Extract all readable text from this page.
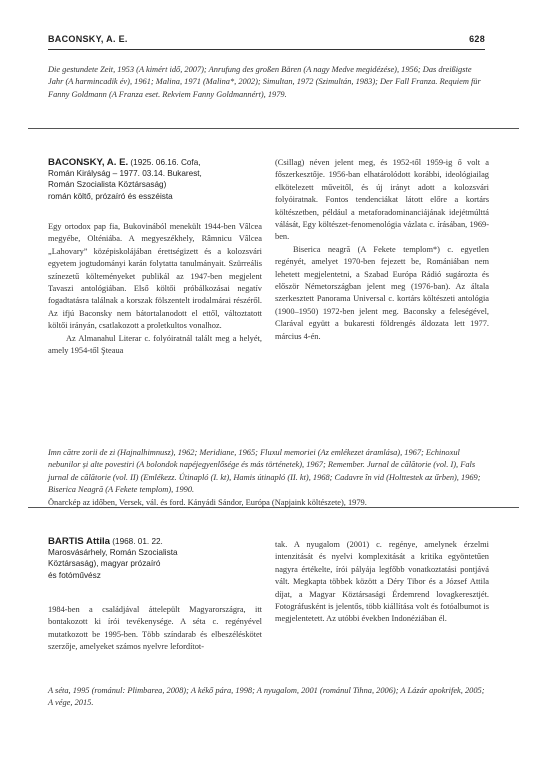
BACONSKY, A. E.	628
Die gestundete Zeit, 1953 (A kimért idő, 2007); Anrufung des großen Bären (A nagy Medve megidézése), 1956; Das dreißigste Jahr (A harmincadik év), 1961; Malina, 1971 (Malina*, 2002); Simultan, 1972 (Szimultán, 1983); Der Fall Franza. Requiem für Fanny Goldmann (A Franza eset. Rekviem Fanny Goldmannért), 1979.
BACONSKY, A. E. (1925. 06.16. Cofa,
Román Királyság – 1977. 03.14. Bukarest,
Román Szocialista Köztársaság)
román költő, prózaíró és esszéista

Egy ortodox pap fia, Bukovinából menekült 1944-ben Vâlcea megyébe, Olténiába. A megyeszékhely, Râmnicu Vâlcea „Lahovary” középiskolájában érettségizett és a kolozsvári egyetem jogtudományi karán folytatta tanulmányait. Szürreális színezetű költeményeket publikál az 1947-ben megjelent Tavaszi antológiában. Első költői próbálkozásai negatív fogadtatásra találnak a korszak fölszentelt irodalmárai részéről. Az ifjú Baconsky nem bátortalanodott el ettől, változtatott költői irányán, csatlakozott a proletkultos vonalhoz.

Az Almanahul Literar c. folyóiratnál talált meg a helyét, amely 1954-től Şteaua

(Csillag) néven jelent meg, és 1952-től 1959-ig ő volt a főszerkesztője. 1956-ban elhatárolódott korábbi, ideológiailag elkötelezett műveitől, és új irányt adott a kolozsvári folyóiratnak. Fontos tendenciákat látott előre a kortárs költészetben, például a metaforadominanciájának idejétmúlttá válását, Egy költészet-fenomenológia vázlata c. írásában, 1969-ben.

Biserica neagră (A Fekete templom*) c. egyetlen regényét, amelyet 1970-ben fejezett be, Romániában nem lehetett megjelentetni, a Szabad Európa Rádió sugározta és először Németországban jelent meg (1976-ban). Az általa szerkesztett Panorama Universal c. kortárs költészeti antológia (1900–1950) 1972-ben jelent meg. Baconsky a feleségével, Clarával együtt a bukaresti földrengés áldozata lett 1977. március 4-én.

Imn către zorii de zi (Hajnalhimnusz), 1962; Meridiane, 1965; Fluxul memoriei (Az emlékezet áramlása), 1967; Echinoxul nebunilor și alte povestiri (A bolondok napéjegyenlősége és más történetek), 1967; Remember. Jurnal de călătorie (vol. I), Fals jurnal de călătorie (vol. II) (Emlékezz. Útinapló (I. kt), Hamis útinapló (II. kt), 1968; Cadavre în vid (Holttestek az űrben), 1969; Biserica Neagră (A Fekete templom), 1990.
Önarckép az időben, Versek, vál. és ford. Kányádi Sándor, Európa (Napjaink költészete), 1979.
BARTIS Attila (1968. 01. 22.
Marosvásárhely, Román Szocialista
Köztársaság), magyar prózaíró
és fotóművész

1984-ben a családjával áttelepült Magyarországra, itt bontakozott ki írói tevékenysége. A séta c. regényével mutatkozott be 1995-ben. Több színdarab és elbeszéléskötet szerzője, amelyeket számos nyelvre lefordítot-

tak. A nyugalom (2001) c. regénye, amelynek érzelmi intenzitását és nyelvi komplexitását a kritika egyöntetűen nagyra értékelte, írói pályája legfőbb vonatkoztatási pontjává vált. Megkapta többek között a Déry Tibor és a József Attila díjat, a Magyar Köztársasági Érdemrend lovagkeresztjét. Fotográfusként is jelentős, több kiállítása volt és fotóalbumot is megjelentetett. Az utóbbi években Indonéziában él.

A séta, 1995 (románul: Plimbarea, 2008); A kékő pára, 1998; A nyugalom, 2001 (románul Tihna, 2006); A Lázár apokrifek, 2005; A vége, 2015.
